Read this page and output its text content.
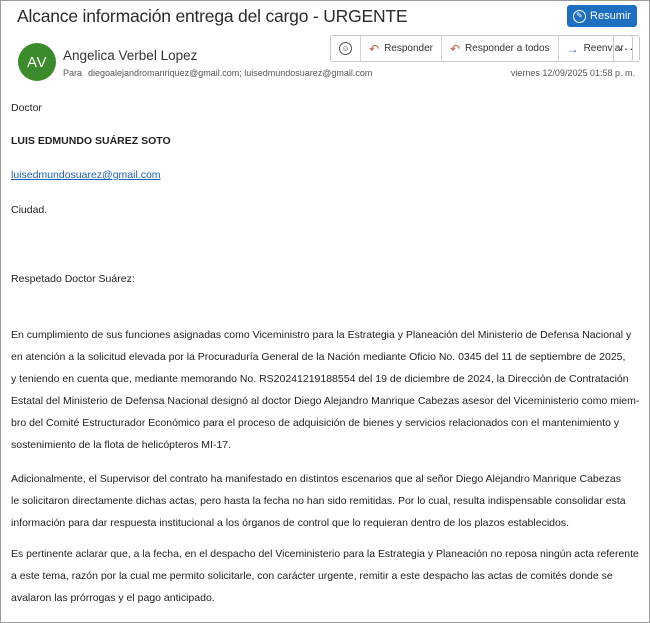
Alcance información entrega del cargo - URGENTE	✎ Resumir
AV	Angelica Verbel Lopez
Para diegoalejandromanriquez@gmail.com; luisedmundosuarez@gmail.com	viernes 12/09/2025 01:58 p. m.
☺ ↶ Responder ↶ Responder a todos → Reenviar
···
Doctor
LUIS EDMUNDO SUÁREZ SOTO
luisedmundosuarez@gmail.com
Ciudad.
Respetado Doctor Suárez:
En cumplimiento de sus funciones asignadas como Viceministro para la Estrategia y Planeación del Ministerio de Defensa Nacional y
en atención a la solicitud elevada por la Procuraduría General de la Nación mediante Oficio No. 0345 del 11 de septiembre de 2025,
y teniendo en cuenta que, mediante memorando No. RS20241219188554 del 19 de diciembre de 2024, la Dirección de Contratación
Estatal del Ministerio de Defensa Nacional designó al doctor Diego Alejandro Manrique Cabezas asesor del Viceministerio como miem-
bro del Comité Estructurador Económico para el proceso de adquisición de bienes y servicios relacionados con el mantenimiento y
sostenimiento de la flota de helicópteros MI-17.
Adicionalmente, el Supervisor del contrato ha manifestado en distintos escenarios que al señor Diego Alejandro Manrique Cabezas
le solicitaron directamente dichas actas, pero hasta la fecha no han sido remitidas. Por lo cual, resulta indispensable consolidar esta
información para dar respuesta institucional a los órganos de control que lo requieran dentro de los plazos establecidos.
Es pertinente aclarar que, a la fecha, en el despacho del Viceministerio para la Estrategia y Planeación no reposa ningún acta referente
a este tema, razón por la cual me permito solicitarle, con carácter urgente, remitir a este despacho las actas de comités donde se
avalaron las prórrogas y el pago anticipado.
